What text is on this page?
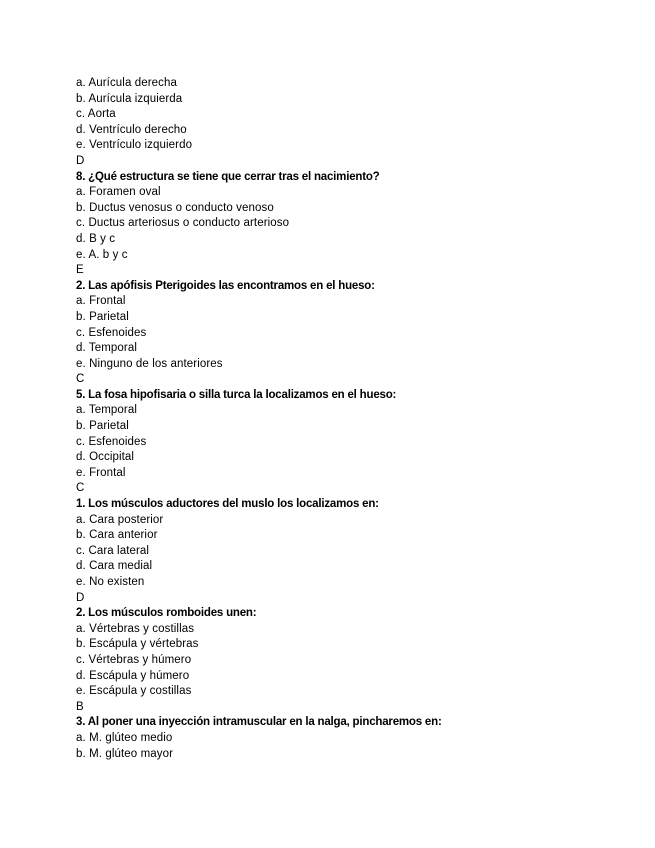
a. Aurícula derecha
b. Aurícula izquierda
c. Aorta
d. Ventrículo derecho
e. Ventrículo izquierdo
D
8. ¿Qué estructura se tiene que cerrar tras el nacimiento?
a. Foramen oval
b. Ductus venosus o conducto venoso
c. Ductus arteriosus o conducto arterioso
d. B y c
e. A. b y c
E
2. Las apófisis Pterigoides las encontramos en el hueso:
a. Frontal
b. Parietal
c. Esfenoides
d. Temporal
e. Ninguno de los anteriores
C
5. La fosa hipofisaria o silla turca la localizamos en el hueso:
a. Temporal
b. Parietal
c. Esfenoides
d. Occipital
e. Frontal
C
1. Los músculos aductores del muslo los localizamos en:
a. Cara posterior
b. Cara anterior
c. Cara lateral
d. Cara medial
e. No existen
D
2. Los músculos romboides unen:
a. Vértebras y costillas
b. Escápula y vértebras
c. Vértebras y húmero
d. Escápula y húmero
e. Escápula y costillas
B
3. Al poner una inyección intramuscular en la nalga, pincharemos en:
a. M. glúteo medio
b. M. glúteo mayor
